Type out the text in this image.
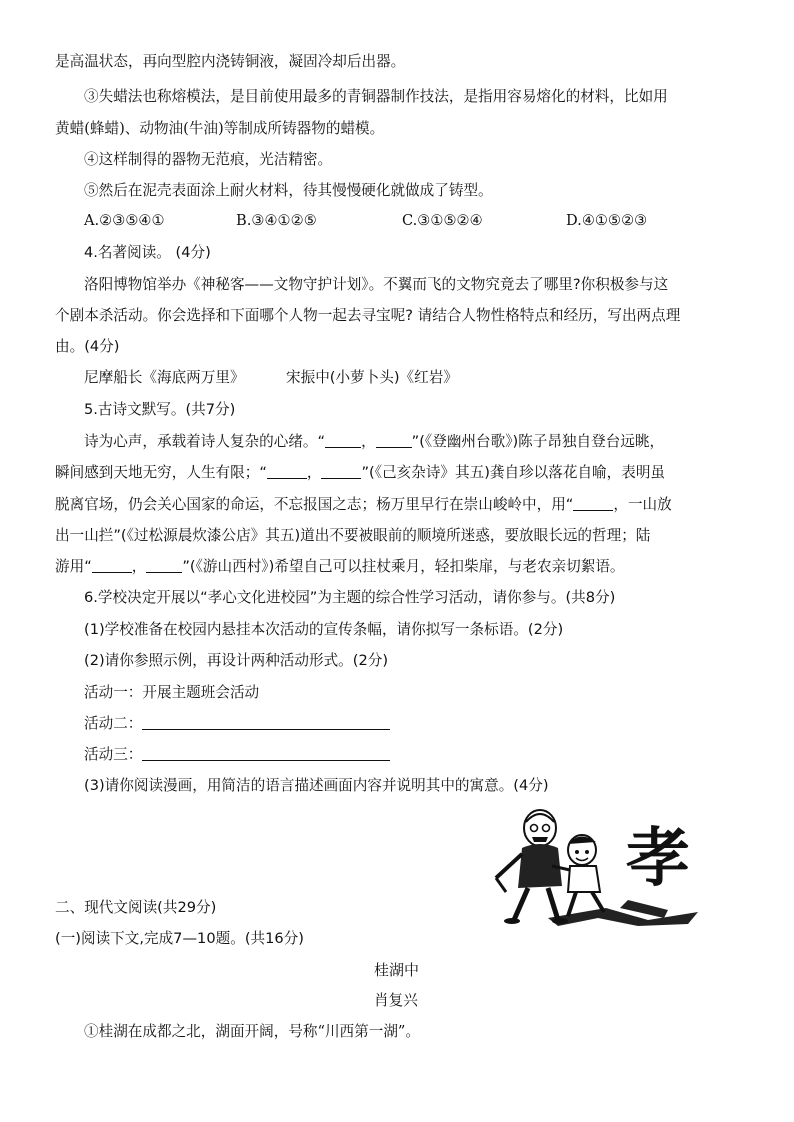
是高温状态，再向型腔内浇铸铜液，凝固冷却后出器。
③失蜡法也称熔模法，是目前使用最多的青铜器制作技法，是指用容易熔化的材料，比如用
黄蜡(蜂蜡)、动物油(牛油)等制成所铸器物的蜡模。
④这样制得的器物无范痕，光洁精密。
⑤然后在泥壳表面涂上耐火材料，待其慢慢硬化就做成了铸型。
A.②③⑤④①	B.③④①②⑤	C.③①⑤②④	D.④①⑤②③
4.名著阅读。 (4分)
洛阳博物馆举办《神秘客——文物守护计划》。不翼而飞的文物究竟去了哪里?你积极参与这
个剧本杀活动。你会选择和下面哪个人物一起去寻宝呢? 请结合人物性格特点和经历，写出两点理
由。(4分)
尼摩船长《海底两万里》	宋振中(小萝卜头)《红岩》
5.古诗文默写。(共7分)
诗为心声，承载着诗人复杂的心绪。“ ， ”(《登幽州台歌》)陈子昂独自登台远眺，
瞬间感到天地无穷，人生有限；“	，	”(《己亥杂诗》其五)龚自珍以落花自喻，表明虽
脱离官场，仍会关心国家的命运，不忘报国之志；杨万里早行在崇山峻岭中，用“	，一山放
出一山拦”(《过松源晨炊漆公店》其五)道出不要被眼前的顺境所迷惑，要放眼长远的哲理；陆
游用“	， ”(《游山西村》)希望自己可以拄杖乘月，轻扣柴扉，与老农亲切絮语。
6.学校决定开展以“孝心文化进校园”为主题的综合性学习活动，请你参与。(共8分)
(1)学校准备在校园内悬挂本次活动的宣传条幅，请你拟写一条标语。(2分)
(2)请你参照示例，再设计两种活动形式。(2分)
活动一：开展主题班会活动
活动二：
活动三：
(3)请你阅读漫画，用简洁的语言描述画面内容并说明其中的寓意。(4分)
孝
二、现代文阅读(共29分)
(一)阅读下文,完成7—10题。(共16分)
桂湖中
肖复兴
①桂湖在成都之北，湖面开阔，号称“川西第一湖”。
